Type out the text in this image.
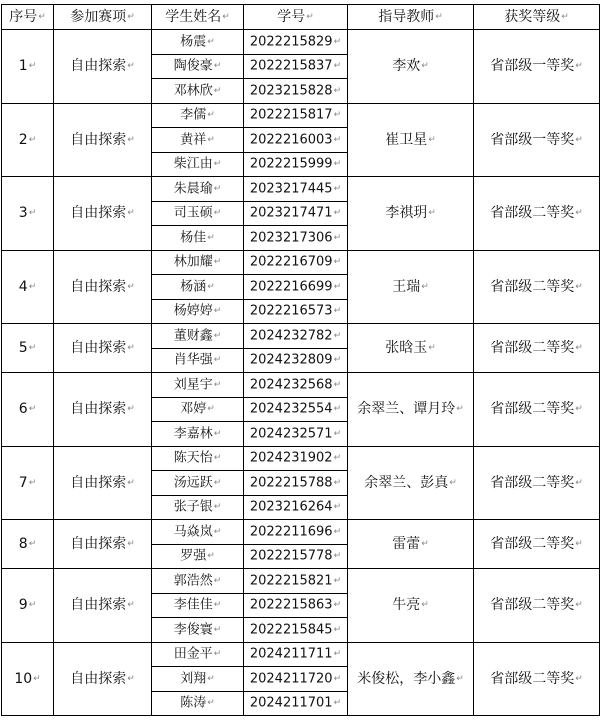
序号↵	参加赛项↵	学生姓名↵	学号↵	指导教师↵	获奖等级↵
1↵	自由探索↵	杨震↵	2022215829↵	李欢↵	省部级一等奖↵
		陶俊豪↵	2022215837↵		
		邓林欣↵	2023215828↵		
2↵	自由探索↵	李儒↵	2022215817↵	崔卫星↵	省部级一等奖↵
		黄祥↵	2022216003↵		
		柴江由↵	2022215999↵		
3↵	自由探索↵	朱晨瑜↵	2023217445↵	李祺玥↵	省部级二等奖↵
		司玉硕↵	2023217471↵		
		杨佳↵	2023217306↵		
4↵	自由探索↵	林加耀↵	2022216709↵	王瑞↵	省部级二等奖↵
		杨涵↵	2022216699↵		
		杨婷婷↵	2022216573↵		
5↵	自由探索↵	董财鑫↵	2024232782↵	张晗玉↵	省部级二等奖↵
		肖华强↵	2024232809↵		
6↵	自由探索↵	刘星宇↵	2024232568↵	余翠兰、谭月玲↵	省部级二等奖↵
		邓婷↵	2024232554↵		
		李嘉林↵	2024232571↵		
7↵	自由探索↵	陈天怡↵	2024231902↵	余翠兰、彭真↵	省部级二等奖↵
		汤远跃↵	2022215788↵		
		张子银↵	2023216264↵		
8↵	自由探索↵	马焱岚↵	2022211696↵	雷蕾↵	省部级二等奖↵
		罗强↵	2022215778↵		
9↵	自由探索↵	郭浩然↵	2022215821↵	牛亮↵	省部级二等奖↵
		李佳佳↵	2022215863↵		
		李俊寰↵	2022215845↵		
10↵	自由探索↵	田金平↵	2024211711↵	米俊松，李小鑫↵	省部级二等奖↵
		刘翔↵	2024211720↵		
		陈涛↵	2024211701↵		
